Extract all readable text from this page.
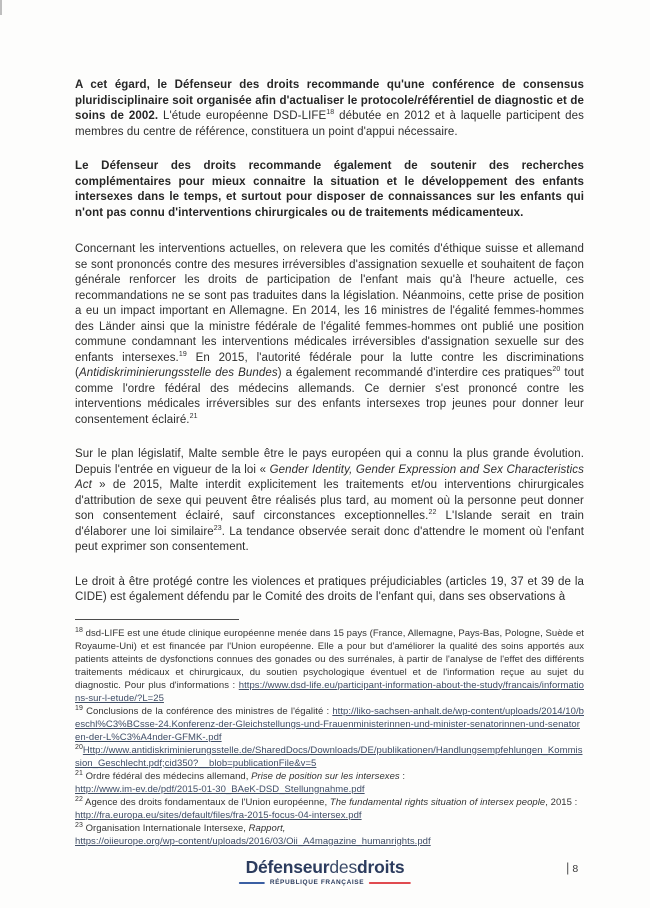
A cet égard, le Défenseur des droits recommande qu'une conférence de consensus pluridisciplinaire soit organisée afin d'actualiser le protocole/référentiel de diagnostic et de soins de 2002. L'étude européenne DSD-LIFE$^{18}$ débutée en 2012 et à laquelle participent des membres du centre de référence, constituera un point d'appui nécessaire.

Le Défenseur des droits recommande également de soutenir des recherches complémentaires pour mieux connaitre la situation et le développement des enfants intersexes dans le temps, et surtout pour disposer de connaissances sur les enfants qui n'ont pas connu d'interventions chirurgicales ou de traitements médicamenteux.

Concernant les interventions actuelles, on relevera que les comités d'éthique suisse et allemand se sont prononcés contre des mesures irréversibles d'assignation sexuelle et souhaitent de façon générale renforcer les droits de participation de l'enfant mais qu'à l'heure actuelle, ces recommandations ne se sont pas traduites dans la législation. Néanmoins, cette prise de position a eu un impact important en Allemagne. En 2014, les 16 ministres de l'égalité femmes-hommes des Länder ainsi que la ministre fédérale de l'égalité femmes-hommes ont publié une position commune condamnant les interventions médicales irréversibles d'assignation sexuelle sur des enfants intersexes.$^{19}$ En 2015, l'autorité fédérale pour la lutte contre les discriminations (Antidiskriminierungsstelle des Bundes) a également recommandé d'interdire ces pratiques$^{20}$ tout comme l'ordre fédéral des médecins allemands. Ce dernier s'est prononcé contre les interventions médicales irréversibles sur des enfants intersexes trop jeunes pour donner leur consentement éclairé.$^{21}$

Sur le plan législatif, Malte semble être le pays européen qui a connu la plus grande évolution. Depuis l'entrée en vigueur de la loi « Gender Identity, Gender Expression and Sex Characteristics Act » de 2015, Malte interdit explicitement les traitements et/ou interventions chirurgicales d'attribution de sexe qui peuvent être réalisés plus tard, au moment où la personne peut donner son consentement éclairé, sauf circonstances exceptionnelles.$^{22}$ L'Islande serait en train d'élaborer une loi similaire$^{23}$. La tendance observée serait donc d'attendre le moment où l'enfant peut exprimer son consentement.

Le droit à être protégé contre les violences et pratiques préjudiciables (articles 19, 37 et 39 de la CIDE) est également défendu par le Comité des droits de l'enfant qui, dans ses observations à

$^{18}$ dsd-LIFE est une étude clinique européenne menée dans 15 pays (France, Allemagne, Pays-Bas, Pologne, Suède et Royaume-Uni) et est financée par l'Union européenne. Elle a pour but d'améliorer la qualité des soins apportés aux patients atteints de dysfonctions connues des gonades ou des surrénales, à partir de l'analyse de l'effet des différents traitements médicaux et chirurgicaux, du soutien psychologique éventuel et de l'information reçue au sujet du diagnostic. Pour plus d'informations : https://www.dsd-life.eu/participant-information-about-the-study/francais/informations-sur-l-etude/?L=25
$^{19}$ Conclusions de la conférence des ministres de l'égalité : http://liko-sachsen-anhalt.de/wp-content/uploads/2014/10/beschl%C3%BCsse-24.Konferenz-der-Gleichstellungs-und-Frauenministerinnen-und-minister-senatorinnen-und-senatoren-der-L%C3%A4nder-GFMK-.pdf
$^{20}$Http://www.antidiskriminierungsstelle.de/SharedDocs/Downloads/DE/publikationen/Handlungsempfehlungen_Kommission_Geschlecht.pdf;cid350?__blob=publicationFile&v=5
$^{21}$ Ordre fédéral des médecins allemand, Prise de position sur les intersexes :
http://www.im-ev.de/pdf/2015-01-30_BAeK-DSD_Stellungnahme.pdf
$^{22}$ Agence des droits fondamentaux de l'Union européenne, The fundamental rights situation of intersex people, 2015 :
http://fra.europa.eu/sites/default/files/fra-2015-focus-04-intersex.pdf
$^{23}$ Organisation Internationale Intersexe, Rapport,
https://oiieurope.org/wp-content/uploads/2016/03/Oii_A4magazine_humanrights.pdf
Défenseurdesdroits
RÉPUBLIQUE FRANÇAISE
| 8
